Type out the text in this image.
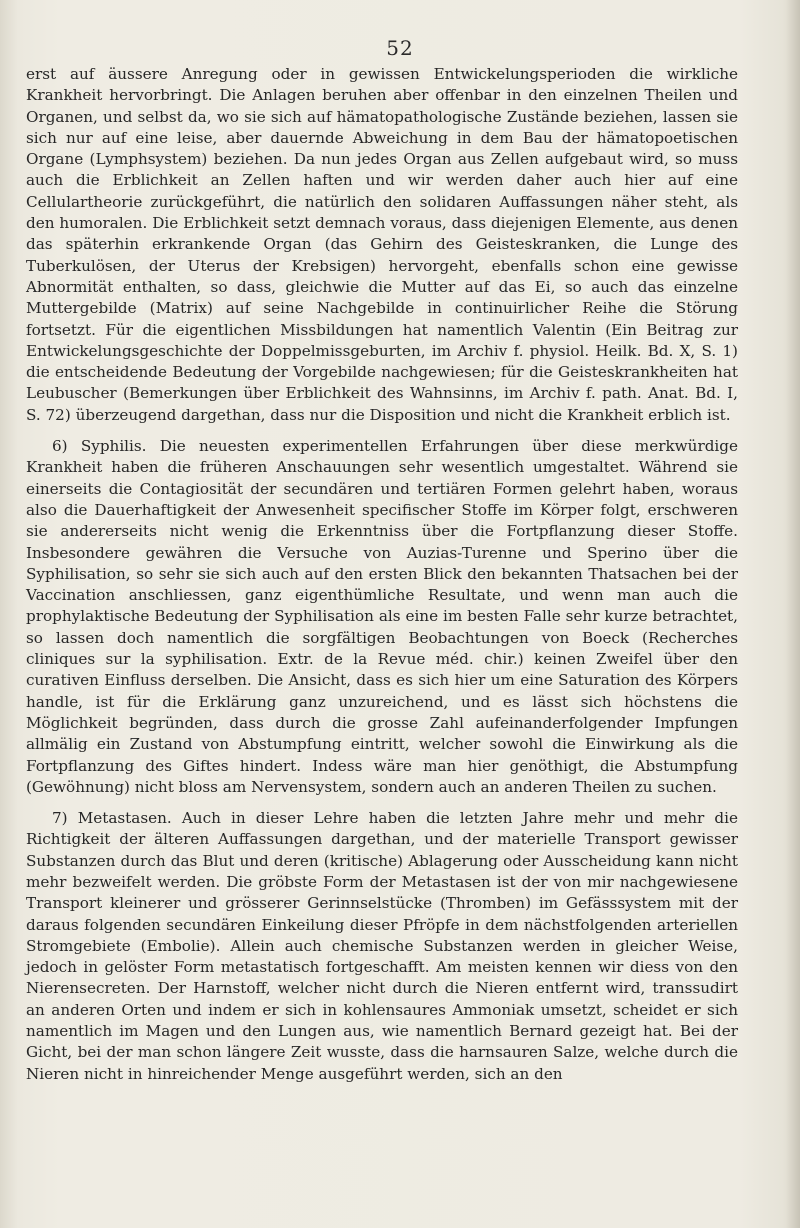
52

erst auf äussere Anregung oder in gewissen Entwickelungsperioden die wirkliche Krankheit hervorbringt. Die Anlagen beruhen aber offenbar in den einzelnen Theilen und Organen, und selbst da, wo sie sich auf hämatopathologische Zustände beziehen, lassen sie sich nur auf eine leise, aber dauernde Abweichung in dem Bau der hämatopoetischen Organe (Lymphsystem) beziehen. Da nun jedes Organ aus Zellen aufgebaut wird, so muss auch die Erblichkeit an Zellen haften und wir werden daher auch hier auf eine Cellulartheorie zurückgeführt, die natürlich den solidaren Auffassungen näher steht, als den humoralen. Die Erblichkeit setzt demnach voraus, dass diejenigen Elemente, aus denen das späterhin erkrankende Organ (das Gehirn des Geisteskranken, die Lunge des Tuberkulösen, der Uterus der Krebsigen) hervorgeht, ebenfalls schon eine gewisse Abnormität enthalten, so dass, gleichwie die Mutter auf das Ei, so auch das einzelne Muttergebilde (Matrix) auf seine Nachgebilde in continuirlicher Reihe die Störung fortsetzt. Für die eigentlichen Missbildungen hat namentlich Valentin (Ein Beitrag zur Entwickelungsgeschichte der Doppelmissgeburten, im Archiv f. physiol. Heilk. Bd. X, S. 1) die entscheidende Bedeutung der Vorgebilde nachgewiesen; für die Geisteskrankheiten hat Leubuscher (Bemerkungen über Erblichkeit des Wahnsinns, im Archiv f. path. Anat. Bd. I, S. 72) überzeugend dargethan, dass nur die Disposition und nicht die Krankheit erblich ist.

6) Syphilis. Die neuesten experimentellen Erfahrungen über diese merkwürdige Krankheit haben die früheren Anschauungen sehr wesentlich umgestaltet. Während sie einerseits die Contagiosität der secundären und tertiären Formen gelehrt haben, woraus also die Dauerhaftigkeit der Anwesenheit specifischer Stoffe im Körper folgt, erschweren sie andererseits nicht wenig die Erkenntniss über die Fortpflanzung dieser Stoffe. Insbesondere gewähren die Versuche von Auzias-Turenne und Sperino über die Syphilisation, so sehr sie sich auch auf den ersten Blick den bekannten Thatsachen bei der Vaccination anschliessen, ganz eigenthümliche Resultate, und wenn man auch die prophylaktische Bedeutung der Syphilisation als eine im besten Falle sehr kurze betrachtet, so lassen doch namentlich die sorgfältigen Beobachtungen von Boeck (Recherches cliniques sur la syphilisation. Extr. de la Revue méd. chir.) keinen Zweifel über den curativen Einfluss derselben. Die Ansicht, dass es sich hier um eine Saturation des Körpers handle, ist für die Erklärung ganz unzureichend, und es lässt sich höchstens die Möglichkeit begründen, dass durch die grosse Zahl aufeinanderfolgender Impfungen allmälig ein Zustand von Abstumpfung eintritt, welcher sowohl die Einwirkung als die Fortpflanzung des Giftes hindert. Indess wäre man hier genöthigt, die Abstumpfung (Gewöhnung) nicht bloss am Nervensystem, sondern auch an anderen Theilen zu suchen.

7) Metastasen. Auch in dieser Lehre haben die letzten Jahre mehr und mehr die Richtigkeit der älteren Auffassungen dargethan, und der materielle Transport gewisser Substanzen durch das Blut und deren (kritische) Ablagerung oder Ausscheidung kann nicht mehr bezweifelt werden. Die gröbste Form der Metastasen ist der von mir nachgewiesene Transport kleinerer und grösserer Gerinnselstücke (Thromben) im Gefässsystem mit der daraus folgenden secundären Einkeilung dieser Pfröpfe in dem nächstfolgenden arteriellen Stromgebiete (Embolie). Allein auch chemische Substanzen werden in gleicher Weise, jedoch in gelöster Form metastatisch fortgeschafft. Am meisten kennen wir diess von den Nierensecreten. Der Harnstoff, welcher nicht durch die Nieren entfernt wird, transsudirt an anderen Orten und indem er sich in kohlensaures Ammoniak umsetzt, scheidet er sich namentlich im Magen und den Lungen aus, wie namentlich Bernard gezeigt hat. Bei der Gicht, bei der man schon längere Zeit wusste, dass die harnsauren Salze, welche durch die Nieren nicht in hinreichender Menge ausgeführt werden, sich an den
